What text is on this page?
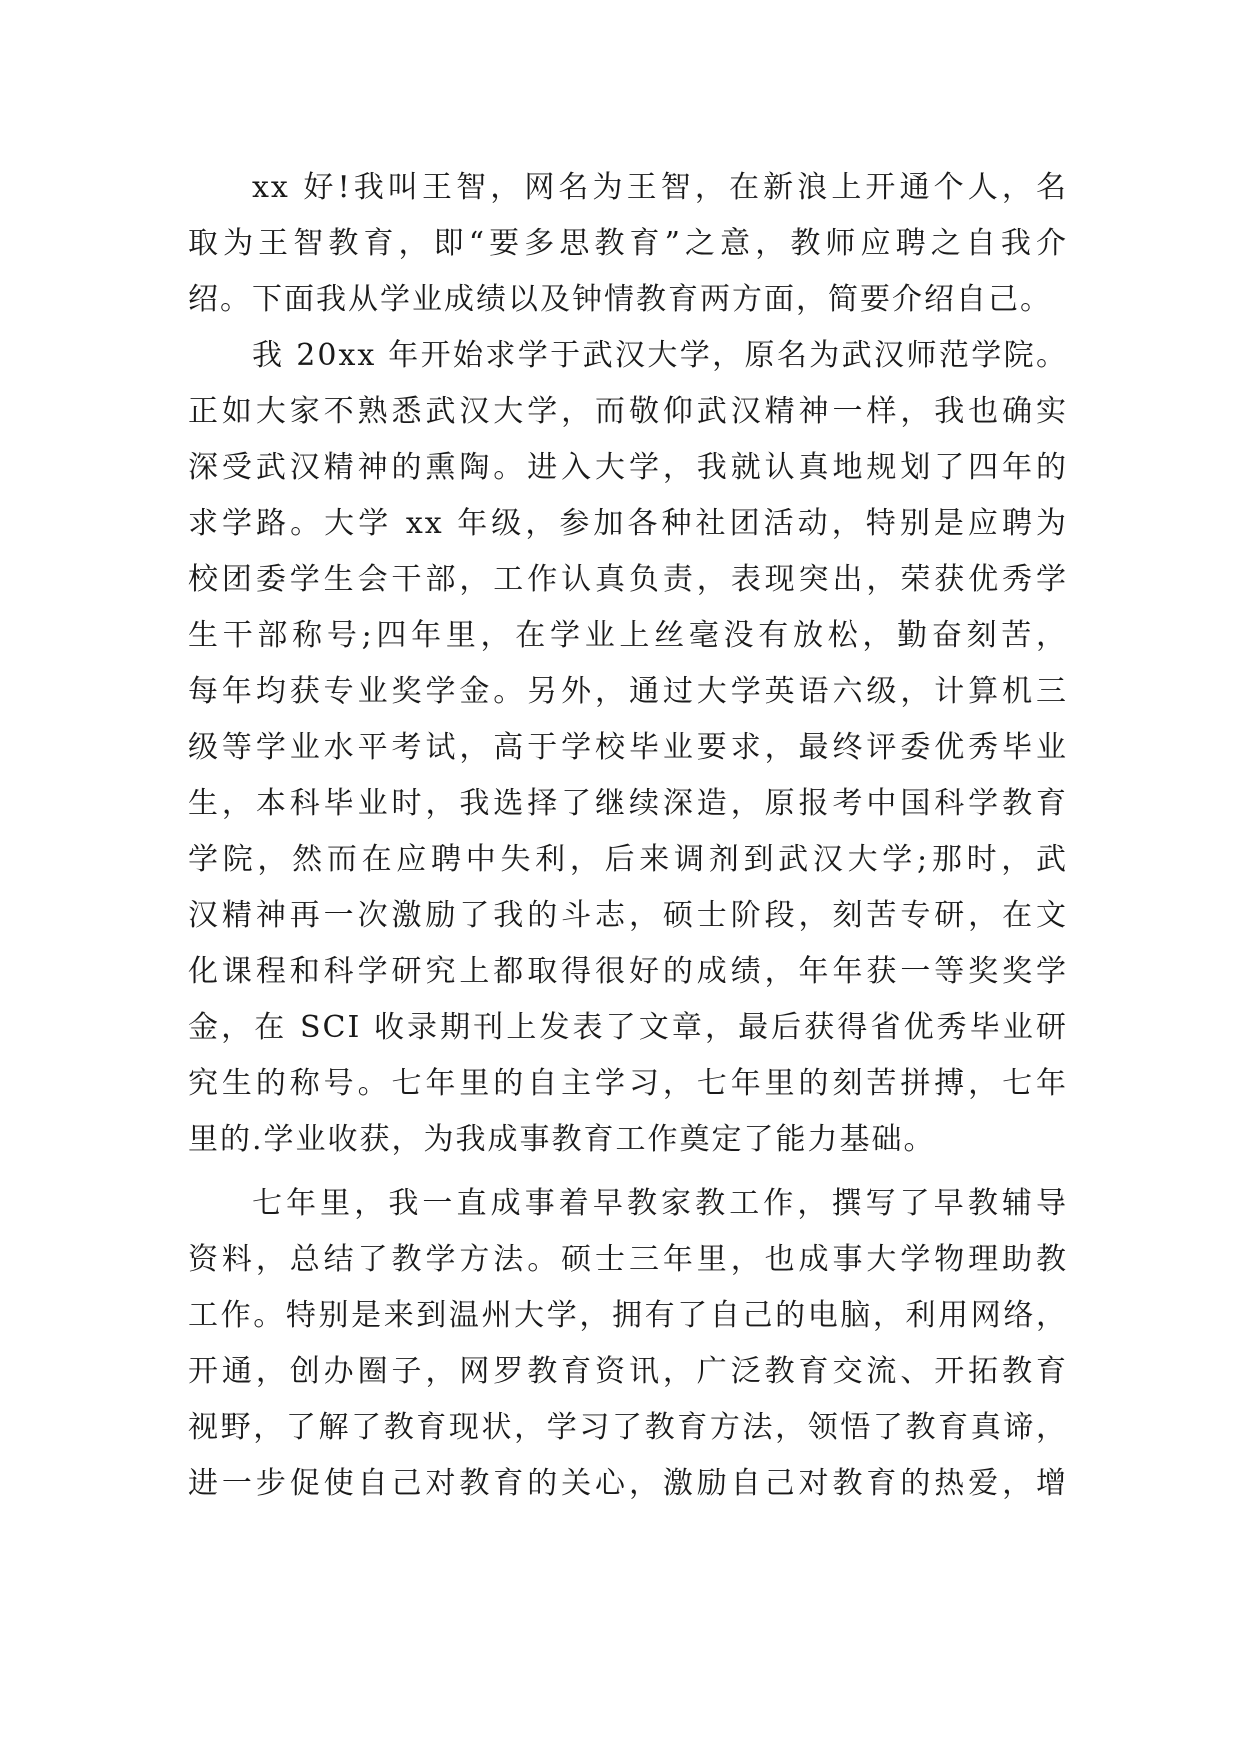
xx 好!我叫王智，网名为王智，在新浪上开通个人，名
取为王智教育，即“要多思教育”之意，教师应聘之自我介
绍。下面我从学业成绩以及钟情教育两方面，简要介绍自己。
我 20xx 年开始求学于武汉大学，原名为武汉师范学院。
正如大家不熟悉武汉大学，而敬仰武汉精神一样，我也确实
深受武汉精神的熏陶。进入大学，我就认真地规划了四年的
求学路。大学 xx 年级，参加各种社团活动，特别是应聘为
校团委学生会干部，工作认真负责，表现突出，荣获优秀学
生干部称号;四年里，在学业上丝毫没有放松，勤奋刻苦，
每年均获专业奖学金。另外，通过大学英语六级，计算机三
级等学业水平考试，高于学校毕业要求，最终评委优秀毕业
生，本科毕业时，我选择了继续深造，原报考中国科学教育
学院，然而在应聘中失利，后来调剂到武汉大学;那时，武
汉精神再一次激励了我的斗志，硕士阶段，刻苦专研，在文
化课程和科学研究上都取得很好的成绩，年年获一等奖奖学
金，在 SCI 收录期刊上发表了文章，最后获得省优秀毕业研
究生的称号。七年里的自主学习，七年里的刻苦拼搏，七年
里的.学业收获，为我成事教育工作奠定了能力基础。
七年里，我一直成事着早教家教工作，撰写了早教辅导
资料，总结了教学方法。硕士三年里，也成事大学物理助教
工作。特别是来到温州大学，拥有了自己的电脑，利用网络，
开通，创办圈子，网罗教育资讯，广泛教育交流、开拓教育
视野，了解了教育现状，学习了教育方法，领悟了教育真谛，
进一步促使自己对教育的关心，激励自己对教育的热爱，增
